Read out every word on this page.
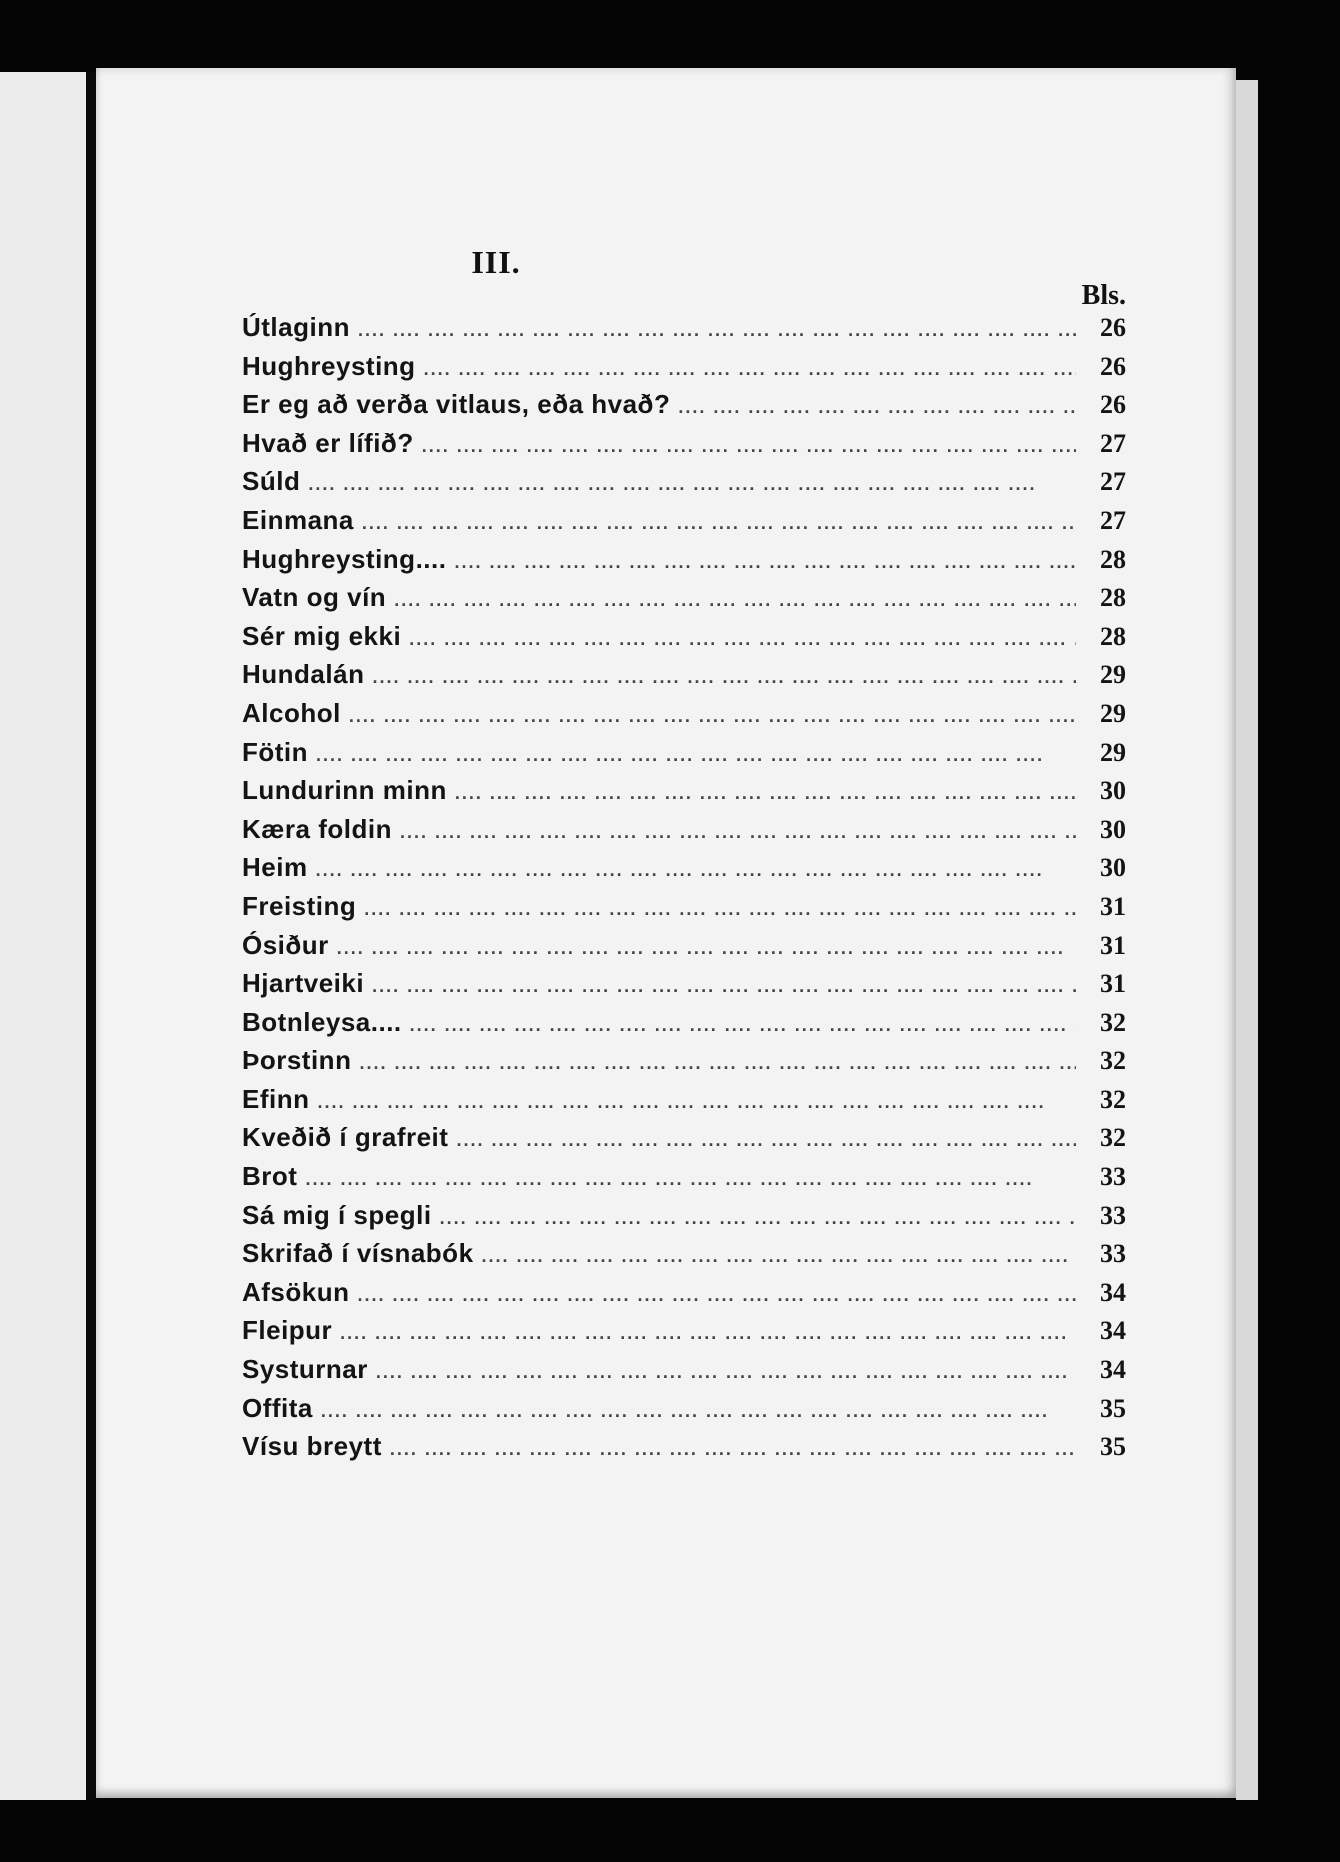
III.
Bls.
Útlaginn ....	26
Hughreysting ....	26
Er eg að verða vitlaus, eða hvað? ....	26
Hvað er lífið? ....	27
Súld ....	27
Einmana ....	27
Hughreysting.... ....	28
Vatn og vín ....	28
Sér mig ekki ....	28
Hundalán ....	29
Alcohol ....	29
Fötin ....	29
Lundurinn minn ....	30
Kæra foldin ....	30
Heim ....	30
Freisting ....	31
Ósiður ....	31
Hjartveiki ....	31
Botnleysa.... ....	32
Þorstinn ....	32
Efinn ....	32
Kveðið í grafreit ....	32
Brot ....	33
Sá mig í spegli ....	33
Skrifað í vísnabók ....	33
Afsökun ....	34
Fleipur ....	34
Systurnar ....	34
Offita ....	35
Vísu breytt ....	35
